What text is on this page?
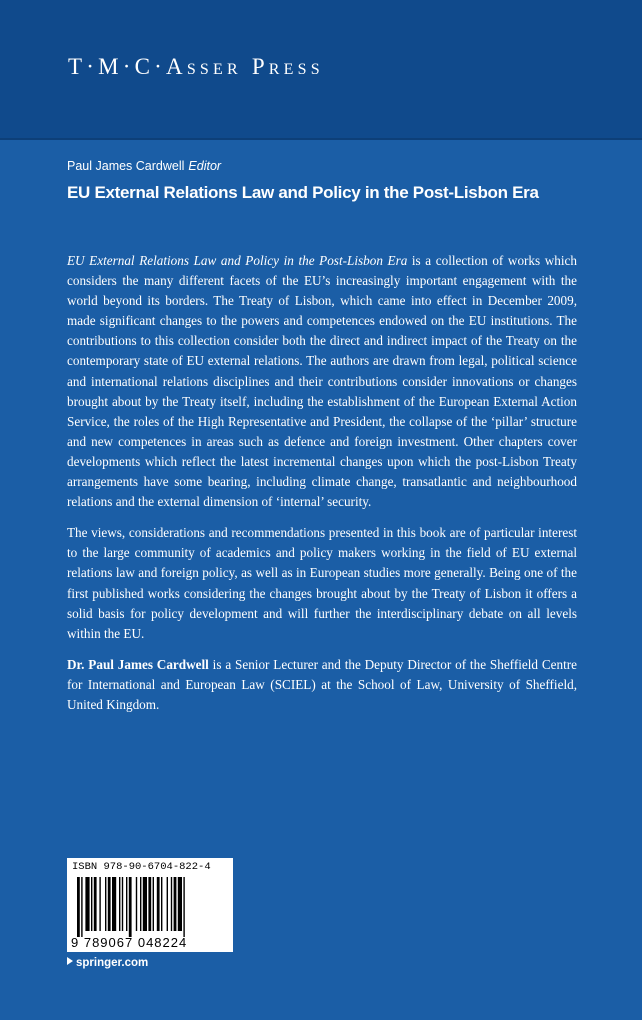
T·M·C·Asser Press
Paul James Cardwell Editor
EU External Relations Law and Policy in the Post-Lisbon Era

EU External Relations Law and Policy in the Post-Lisbon Era is a collection of works which considers the many different facets of the EU’s increasingly important engagement with the world beyond its borders. The Treaty of Lisbon, which came into effect in December 2009, made significant changes to the powers and competences endowed on the EU institutions. The contributions to this collection consider both the direct and indirect impact of the Treaty on the contemporary state of EU external relations. The authors are drawn from legal, political science and international relations disciplines and their contributions consider innovations or changes brought about by the Treaty itself, including the establishment of the European External Action Service, the roles of the High Representative and President, the collapse of the ‘pillar’ structure and new competences in areas such as defence and foreign investment. Other chapters cover developments which reflect the latest incremental changes upon which the post-Lisbon Treaty arrangements have some bearing, including climate change, transatlantic and neighbourhood relations and the external dimension of ‘internal’ security.

The views, considerations and recommendations presented in this book are of particular interest to the large community of academics and policy makers working in the field of EU external relations law and foreign policy, as well as in European studies more generally. Being one of the first published works considering the changes brought about by the Treaty of Lisbon it offers a solid basis for policy development and will further the interdisciplinary debate on all levels within the EU.

Dr. Paul James Cardwell is a Senior Lecturer and the Deputy Director of the Sheffield Centre for International and European Law (SCIEL) at the School of Law, University of Sheffield, United Kingdom.

ISBN 978-90-6704-822-4
9 789067 048224
springer.com
